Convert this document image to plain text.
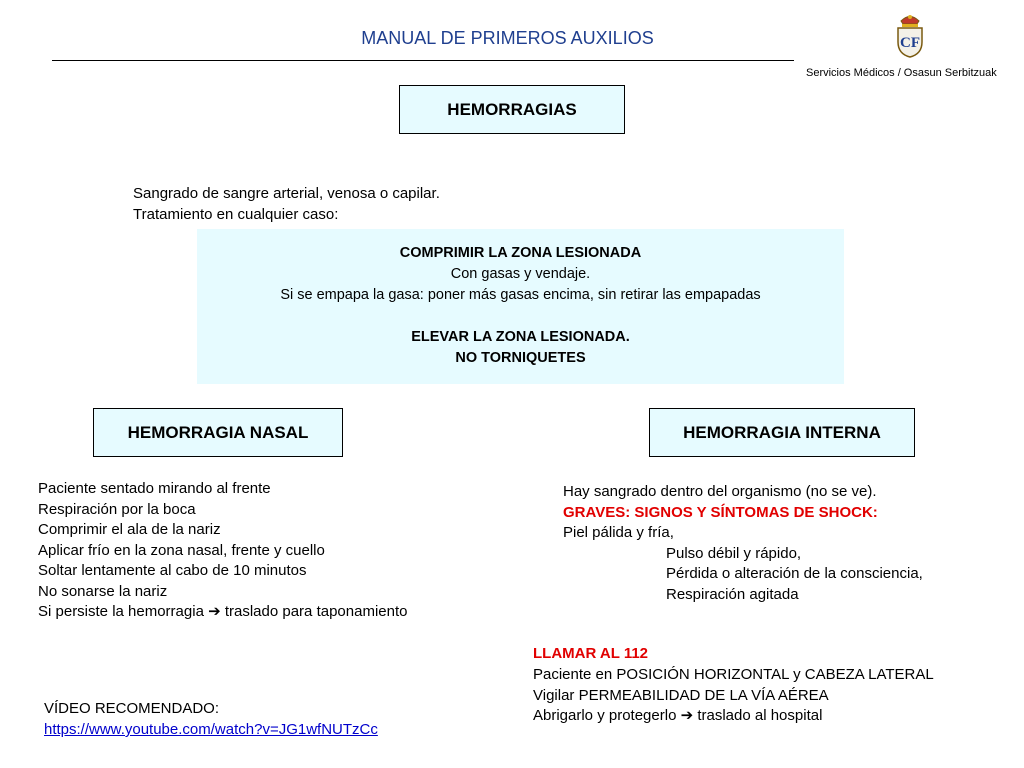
MANUAL DE PRIMEROS AUXILIOS	CF
Servicios Médicos / Osasun Serbitzuak
HEMORRAGIAS
Sangrado de sangre arterial, venosa o capilar.
Tratamiento en cualquier caso:
COMPRIMIR LA ZONA LESIONADA
Con gasas y vendaje.
Si se empapa la gasa: poner más gasas encima, sin retirar las empapadas
ELEVAR LA ZONA LESIONADA.
NO TORNIQUETES
HEMORRAGIA NASAL	HEMORRAGIA INTERNA
Paciente sentado mirando al frente
Respiración por la boca
Comprimir el ala de la nariz
Aplicar frío en la zona nasal, frente y cuello
Soltar lentamente al cabo de 10 minutos
No sonarse la nariz
Si persiste la hemorragia ➔ traslado para taponamiento
Hay sangrado dentro del organismo (no se ve).
GRAVES: SIGNOS Y SÍNTOMAS DE SHOCK:
Piel pálida y fría,
Pulso débil y rápido,
Pérdida o alteración de la consciencia,
Respiración agitada
LLAMAR AL 112
Paciente en POSICIÓN HORIZONTAL y CABEZA LATERAL
Vigilar PERMEABILIDAD DE LA VÍA AÉREA
Abrigarlo y protegerlo ➔ traslado al hospital
VÍDEO RECOMENDADO:
https://www.youtube.com/watch?v=JG1wfNUTzCc
